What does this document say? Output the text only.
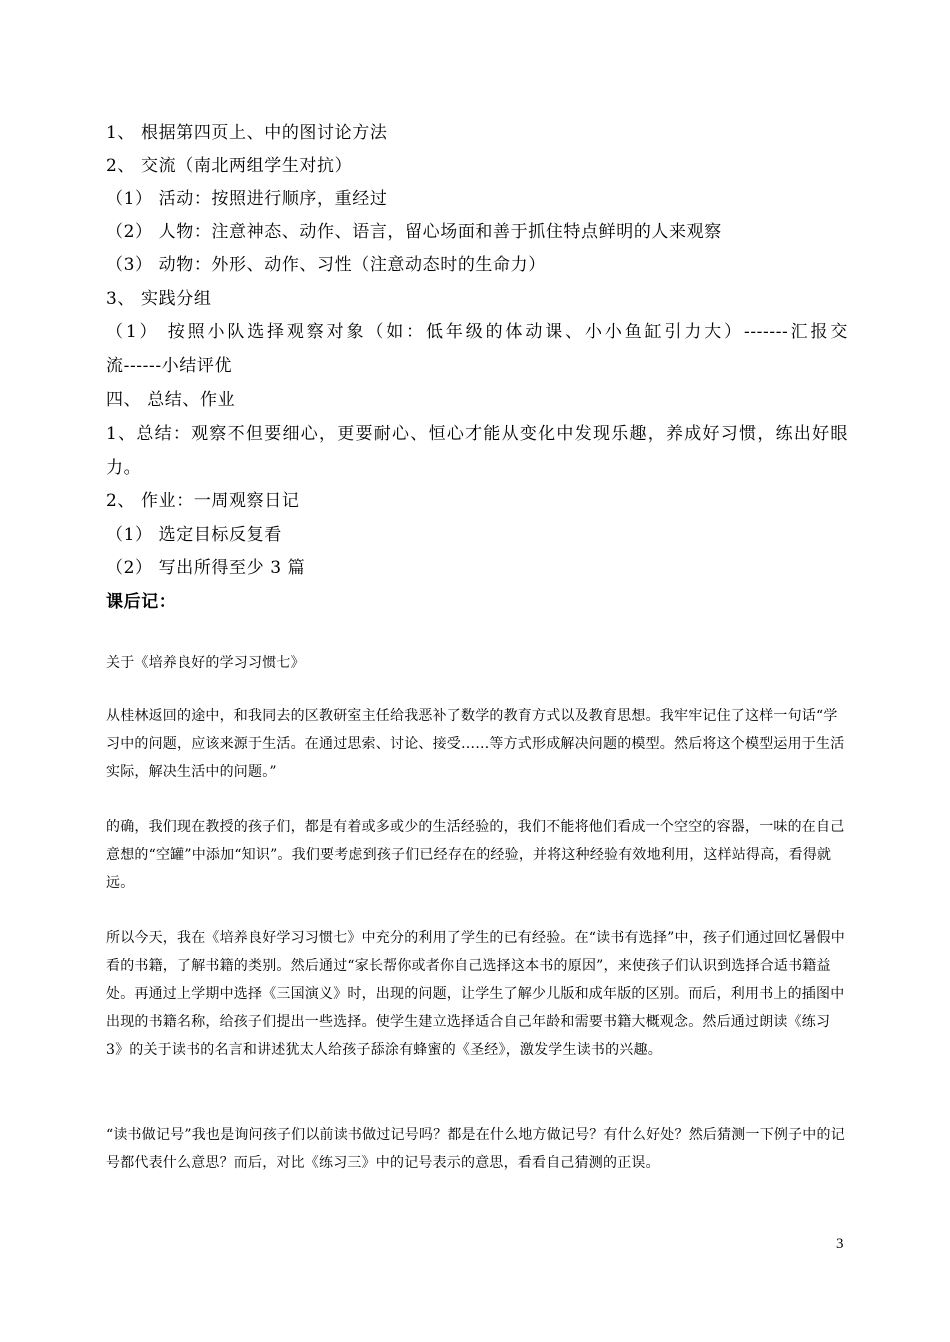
1、 根据第四页上、中的图讨论方法
2、 交流（南北两组学生对抗）
（1） 活动：按照进行顺序，重经过
（2） 人物：注意神态、动作、语言，留心场面和善于抓住特点鲜明的人来观察
（3） 动物：外形、动作、习性（注意动态时的生命力）
3、 实践分组
（1） 按照小队选择观察对象（如：低年级的体动课、小小鱼缸引力大）-------汇报交
流------小结评优
四、 总结、作业
1、总结：观察不但要细心，更要耐心、恒心才能从变化中发现乐趣，养成好习惯，练出好眼
力。
2、 作业：一周观察日记
（1） 选定目标反复看
（2） 写出所得至少 3 篇
课后记：
关于《培养良好的学习习惯七》
从桂林返回的途中，和我同去的区教研室主任给我恶补了数学的教育方式以及教育思想。我牢牢记住了这样一句话“学习中的问题，应该来源于生活。在通过思索、讨论、接受……等方式形成解决问题的模型。然后将这个模型运用于生活实际，解决生活中的问题。”
的确，我们现在教授的孩子们，都是有着或多或少的生活经验的，我们不能将他们看成一个空空的容器，一味的在自己意想的“空罐”中添加“知识”。我们要考虑到孩子们已经存在的经验，并将这种经验有效地利用，这样站得高，看得就远。
所以今天，我在《培养良好学习习惯七》中充分的利用了学生的已有经验。在“读书有选择”中，孩子们通过回忆暑假中看的书籍，了解书籍的类别。然后通过“家长帮你或者你自己选择这本书的原因”，来使孩子们认识到选择合适书籍益处。再通过上学期中选择《三国演义》时，出现的问题，让学生了解少儿版和成年版的区别。而后，利用书上的插图中出现的书籍名称，给孩子们提出一些选择。使学生建立选择适合自己年龄和需要书籍大概观念。然后通过朗读《练习 3》的关于读书的名言和讲述犹太人给孩子舔涂有蜂蜜的《圣经》，激发学生读书的兴趣。
“读书做记号”我也是询问孩子们以前读书做过记号吗？都是在什么地方做记号？有什么好处？然后猜测一下例子中的记号都代表什么意思？而后，对比《练习三》中的记号表示的意思，看看自己猜测的正误。
3
